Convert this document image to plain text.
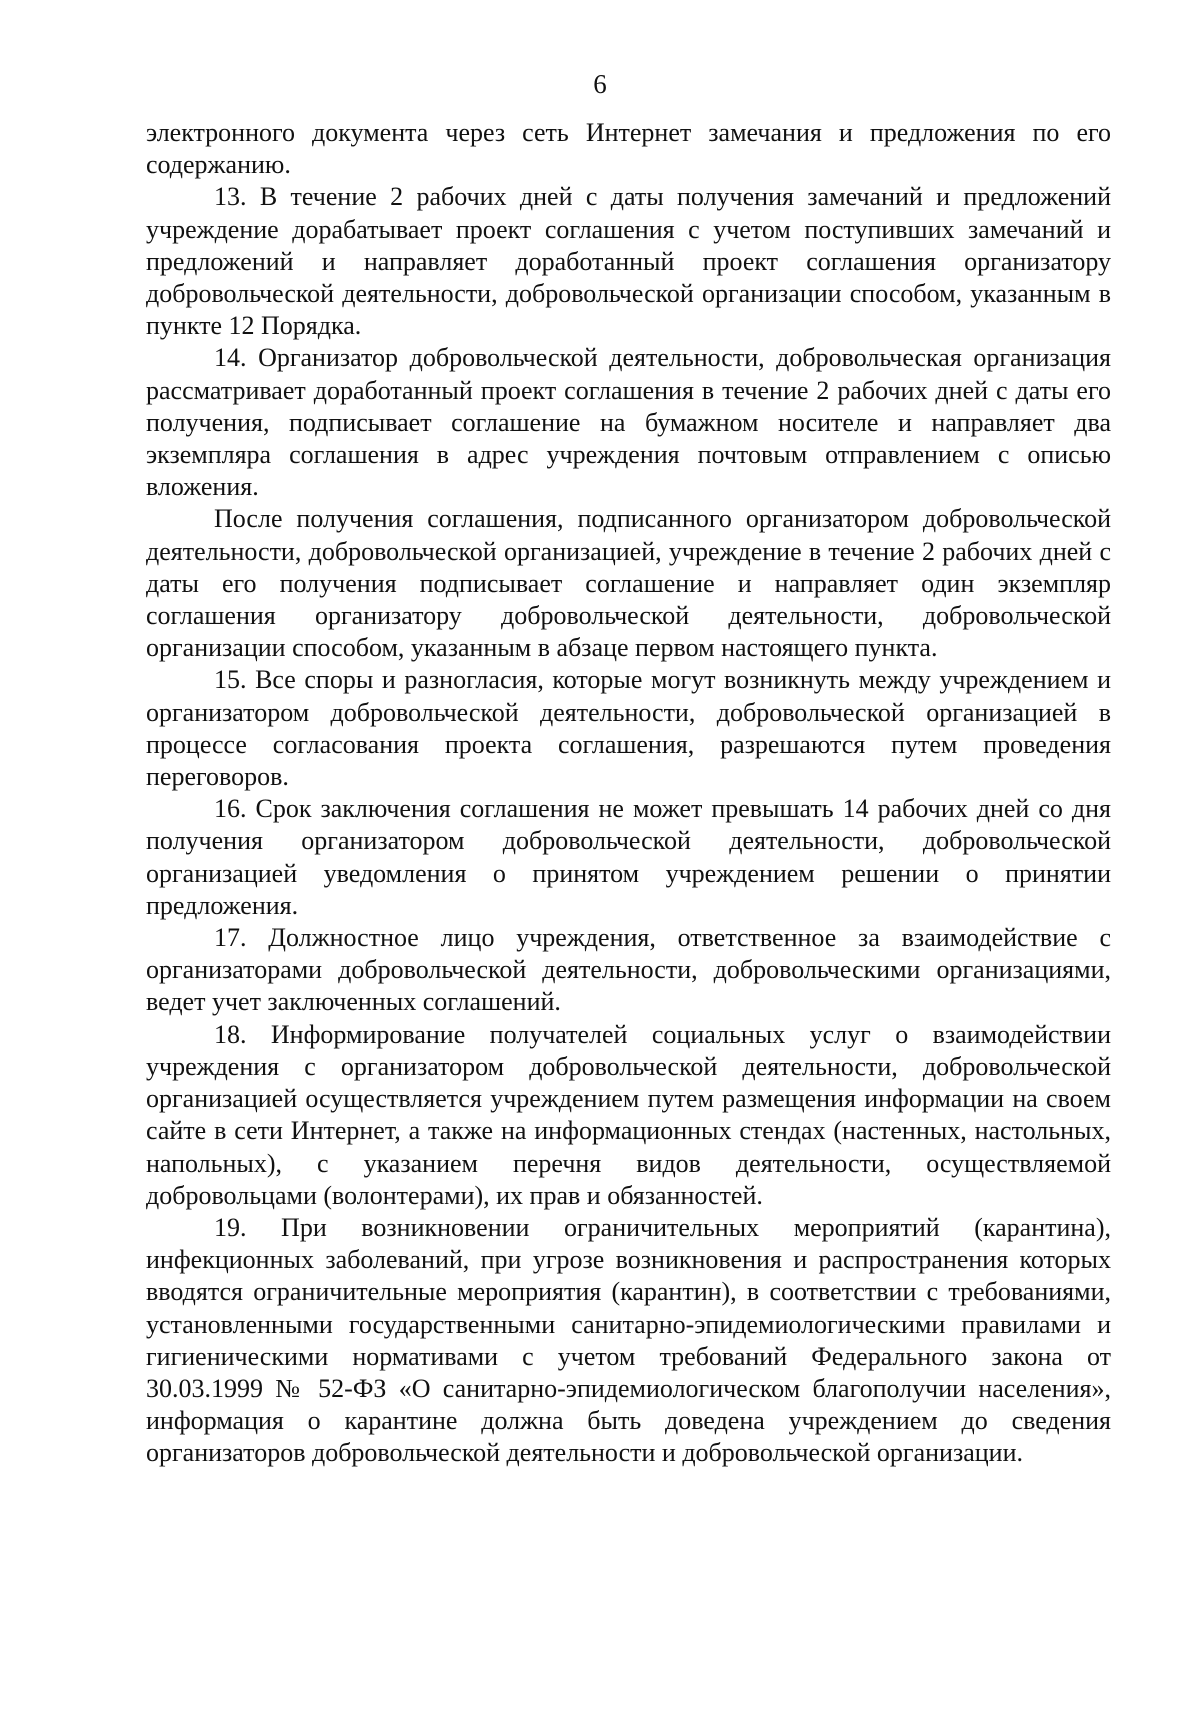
6

электронного документа через сеть Интернет замечания и предложения по его содержанию.

13. В течение 2 рабочих дней с даты получения замечаний и предложений учреждение дорабатывает проект соглашения с учетом поступивших замечаний и предложений и направляет доработанный проект соглашения организатору добровольческой деятельности, добровольческой организации способом, указанным в пункте 12 Порядка.

14. Организатор добровольческой деятельности, добровольческая организация рассматривает доработанный проект соглашения в течение 2 рабочих дней с даты его получения, подписывает соглашение на бумажном носителе и направляет два экземпляра соглашения в адрес учреждения почтовым отправлением с описью вложения.

После получения соглашения, подписанного организатором добровольческой деятельности, добровольческой организацией, учреждение в течение 2 рабочих дней с даты его получения подписывает соглашение и направляет один экземпляр соглашения организатору добровольческой деятельности, добровольческой организации способом, указанным в абзаце первом настоящего пункта.

15. Все споры и разногласия, которые могут возникнуть между учреждением и организатором добровольческой деятельности, добровольческой организацией в процессе согласования проекта соглашения, разрешаются путем проведения переговоров.

16. Срок заключения соглашения не может превышать 14 рабочих дней со дня получения организатором добровольческой деятельности, добровольческой организацией уведомления о принятом учреждением решении о принятии предложения.

17. Должностное лицо учреждения, ответственное за взаимодействие с организаторами добровольческой деятельности, добровольческими организациями, ведет учет заключенных соглашений.

18. Информирование получателей социальных услуг о взаимодействии учреждения с организатором добровольческой деятельности, добровольческой организацией осуществляется учреждением путем размещения информации на своем сайте в сети Интернет, а также на информационных стендах (настенных, настольных, напольных), с указанием перечня видов деятельности, осуществляемой добровольцами (волонтерами), их прав и обязанностей.

19. При возникновении ограничительных мероприятий (карантина), инфекционных заболеваний, при угрозе возникновения и распространения которых вводятся ограничительные мероприятия (карантин), в соответствии с требованиями, установленными государственными санитарно-эпидемиологическими правилами и гигиеническими нормативами с учетом требований Федерального закона от 30.03.1999 № 52-ФЗ «О санитарно-эпидемиологическом благополучии населения», информация о карантине должна быть доведена учреждением до сведения организаторов добровольческой деятельности и добровольческой организации.
